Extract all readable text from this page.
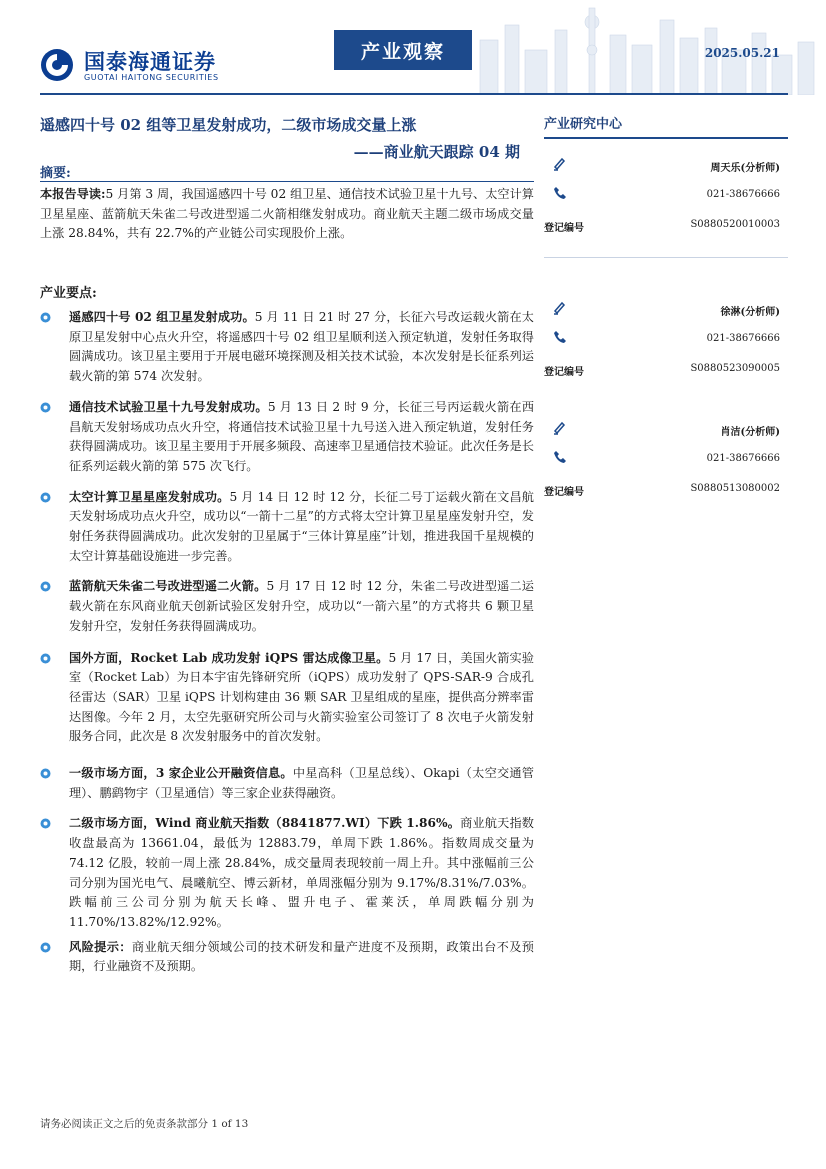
国泰海通证券
GUOTAI HAITONG SECURITIES
产业观察	2025.05.21
遥感四十号 02 组等卫星发射成功，二级市场成交量上涨
——商业航天跟踪 04 期
摘要:
本报告导读:5 月第 3 周，我国遥感四十号 02 组卫星、通信技术试验卫星十九号、太空计算卫星星座、蓝箭航天朱雀二号改进型遥二火箭相继发射成功。商业航天主题二级市场成交量上涨 28.84%，共有 22.7%的产业链公司实现股价上涨。
产业要点:
遥感四十号 02 组卫星发射成功。5 月 11 日 21 时 27 分，长征六号改运载火箭在太原卫星发射中心点火升空，将遥感四十号 02 组卫星顺利送入预定轨道，发射任务取得圆满成功。该卫星主要用于开展电磁环境探测及相关技术试验，本次发射是长征系列运载火箭的第 574 次发射。
通信技术试验卫星十九号发射成功。5 月 13 日 2 时 9 分，长征三号丙运载火箭在西昌航天发射场成功点火升空，将通信技术试验卫星十九号送入进入预定轨道，发射任务获得圆满成功。该卫星主要用于开展多频段、高速率卫星通信技术验证。此次任务是长征系列运载火箭的第 575 次飞行。
太空计算卫星星座发射成功。5 月 14 日 12 时 12 分，长征二号丁运载火箭在文昌航天发射场成功点火升空，成功以“一箭十二星”的方式将太空计算卫星星座发射升空，发射任务获得圆满成功。此次发射的卫星属于“三体计算星座”计划，推进我国千星规模的太空计算基础设施进一步完善。
蓝箭航天朱雀二号改进型遥二火箭。5 月 17 日 12 时 12 分，朱雀二号改进型遥二运载火箭在东风商业航天创新试验区发射升空，成功以“一箭六星”的方式将共 6 颗卫星发射升空，发射任务获得圆满成功。
国外方面，Rocket Lab 成功发射 iQPS 雷达成像卫星。5 月 17 日，美国火箭实验室（Rocket Lab）为日本宇宙先锋研究所（iQPS）成功发射了 QPS-SAR-9 合成孔径雷达（SAR）卫星 iQPS 计划构建由 36 颗 SAR 卫星组成的星座，提供高分辨率雷达图像。今年 2 月，太空先驱研究所公司与火箭实验室公司签订了 8 次电子火箭发射服务合同，此次是 8 次发射服务中的首次发射。
一级市场方面，3 家企业公开融资信息。中星高科（卫星总线）、Okapi（太空交通管理）、鹏鹞物宇（卫星通信）等三家企业获得融资。
二级市场方面，Wind 商业航天指数（8841877.WI）下跌 1.86%。商业航天指数收盘最高为 13661.04，最低为 12883.79，单周下跌 1.86%。指数周成交量为 74.12 亿股，较前一周上涨 28.84%，成交量周表现较前一周上升。其中涨幅前三公司分别为国光电气、晨曦航空、博云新材，单周涨幅分别为 9.17%/8.31%/7.03%。跌幅前三公司分别为航天长峰、盟升电子、霍莱沃，单周跌幅分别为 11.70%/13.82%/12.92%。
风险提示：商业航天细分领域公司的技术研发和量产进度不及预期，政策出台不及预期，行业融资不及预期。
产业研究中心
周天乐(分析师)
021-38676666
登记编号	S0880520010003
徐淋(分析师)
021-38676666
登记编号	S0880523090005
肖洁(分析师)
021-38676666
登记编号	S0880513080002
请务必阅读正文之后的免责条款部分 1 of 13
